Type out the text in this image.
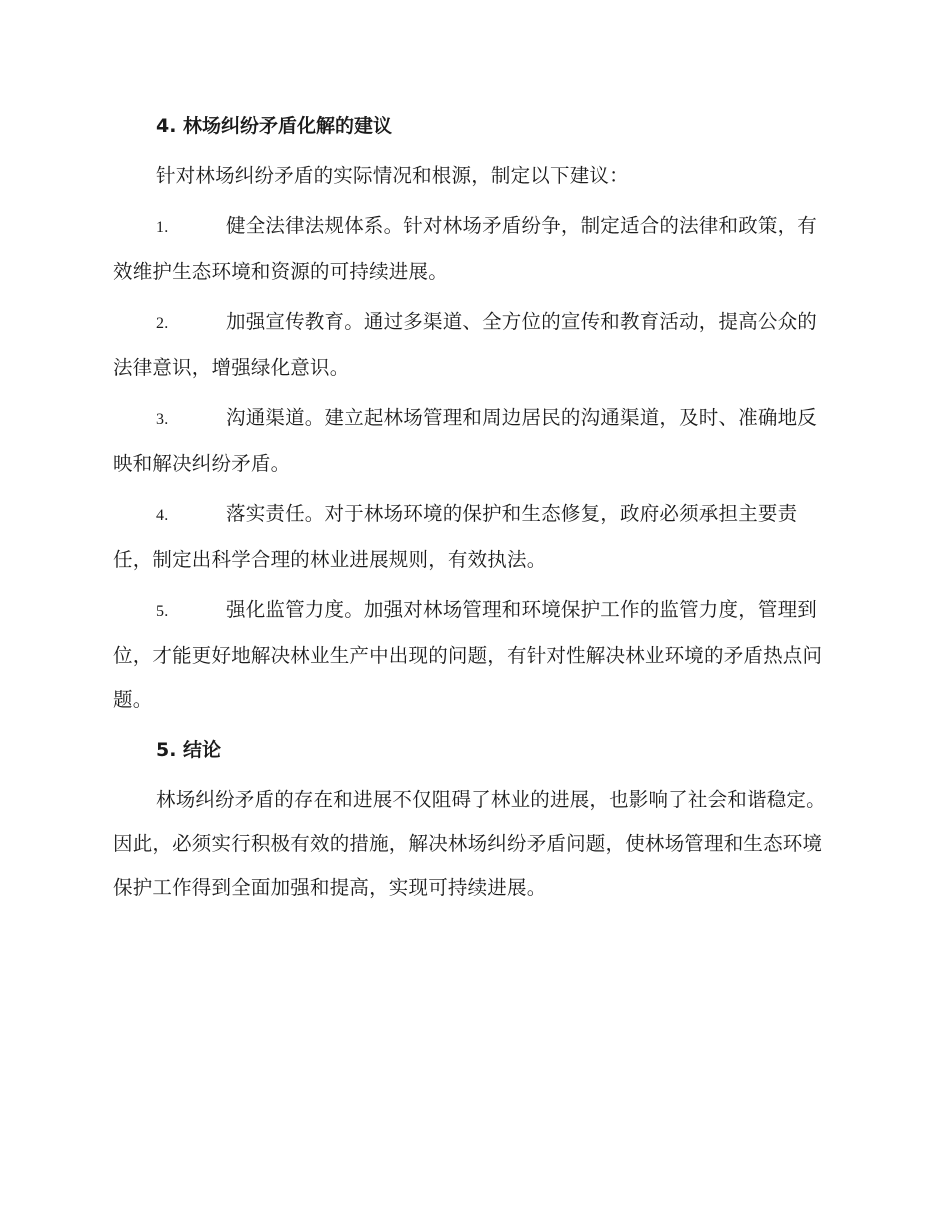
4. 林场纠纷矛盾化解的建议

针对林场纠纷矛盾的实际情况和根源，制定以下建议：

1.	健全法律法规体系。针对林场矛盾纷争，制定适合的法律和政策，有效维护生态环境和资源的可持续进展。

2.	加强宣传教育。通过多渠道、全方位的宣传和教育活动，提高公众的法律意识，增强绿化意识。

3.	沟通渠道。建立起林场管理和周边居民的沟通渠道，及时、准确地反映和解决纠纷矛盾。

4.	落实责任。对于林场环境的保护和生态修复，政府必须承担主要责任，制定出科学合理的林业进展规则，有效执法。

5.	强化监管力度。加强对林场管理和环境保护工作的监管力度，管理到位，才能更好地解决林业生产中出现的问题，有针对性解决林业环境的矛盾热点问题。

5. 结论

林场纠纷矛盾的存在和进展不仅阻碍了林业的进展，也影响了社会和谐稳定。因此，必须实行积极有效的措施，解决林场纠纷矛盾问题，使林场管理和生态环境保护工作得到全面加强和提高，实现可持续进展。
